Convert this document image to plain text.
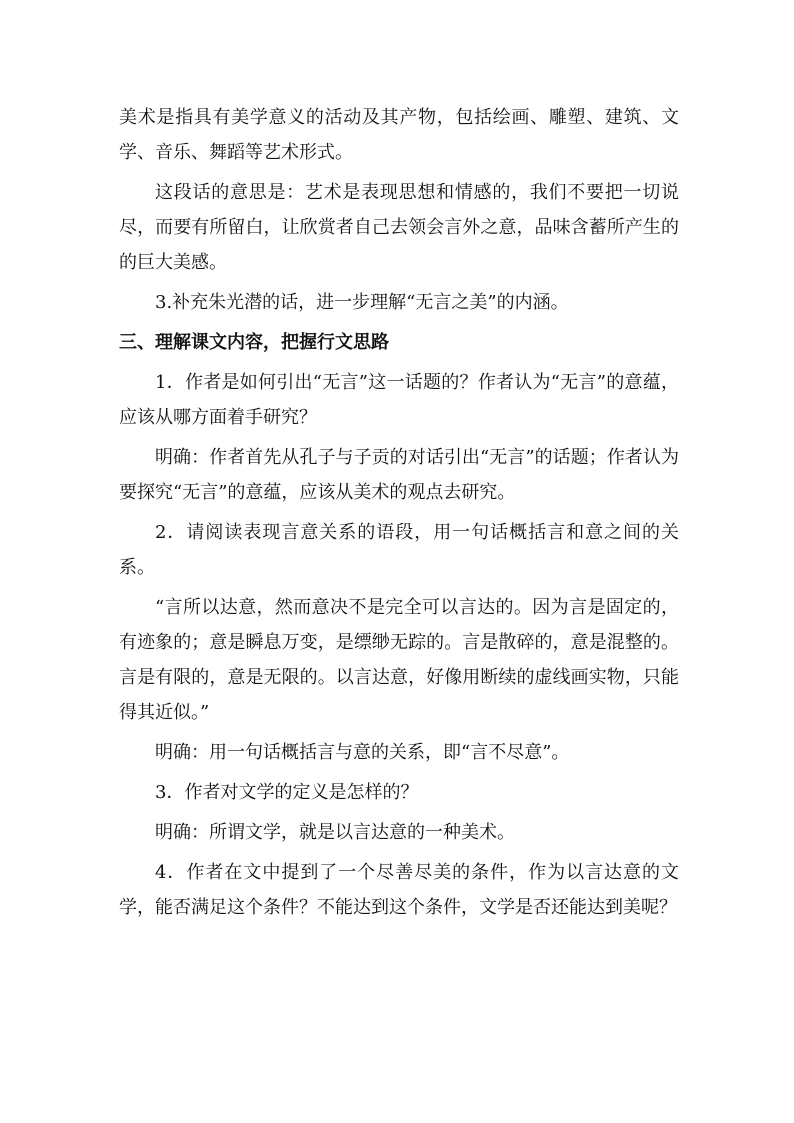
美术是指具有美学意义的活动及其产物，包括绘画、雕塑、建筑、文学、音乐、舞蹈等艺术形式。

这段话的意思是：艺术是表现思想和情感的，我们不要把一切说尽，而要有所留白，让欣赏者自己去领会言外之意，品味含蓄所产生的的巨大美感。

3.补充朱光潜的话，进一步理解“无言之美”的内涵。

三、理解课文内容，把握行文思路

1．作者是如何引出“无言”这一话题的？作者认为“无言”的意蕴，应该从哪方面着手研究？

明确：作者首先从孔子与子贡的对话引出“无言”的话题；作者认为要探究“无言”的意蕴，应该从美术的观点去研究。

2．请阅读表现言意关系的语段，用一句话概括言和意之间的关系。

“言所以达意，然而意决不是完全可以言达的。因为言是固定的，有迹象的；意是瞬息万变，是缥缈无踪的。言是散碎的，意是混整的。言是有限的，意是无限的。以言达意，好像用断续的虚线画实物，只能得其近似。”

明确：用一句话概括言与意的关系，即“言不尽意”。

3．作者对文学的定义是怎样的？

明确：所谓文学，就是以言达意的一种美术。

4．作者在文中提到了一个尽善尽美的条件，作为以言达意的文学，能否满足这个条件？不能达到这个条件，文学是否还能达到美呢？
